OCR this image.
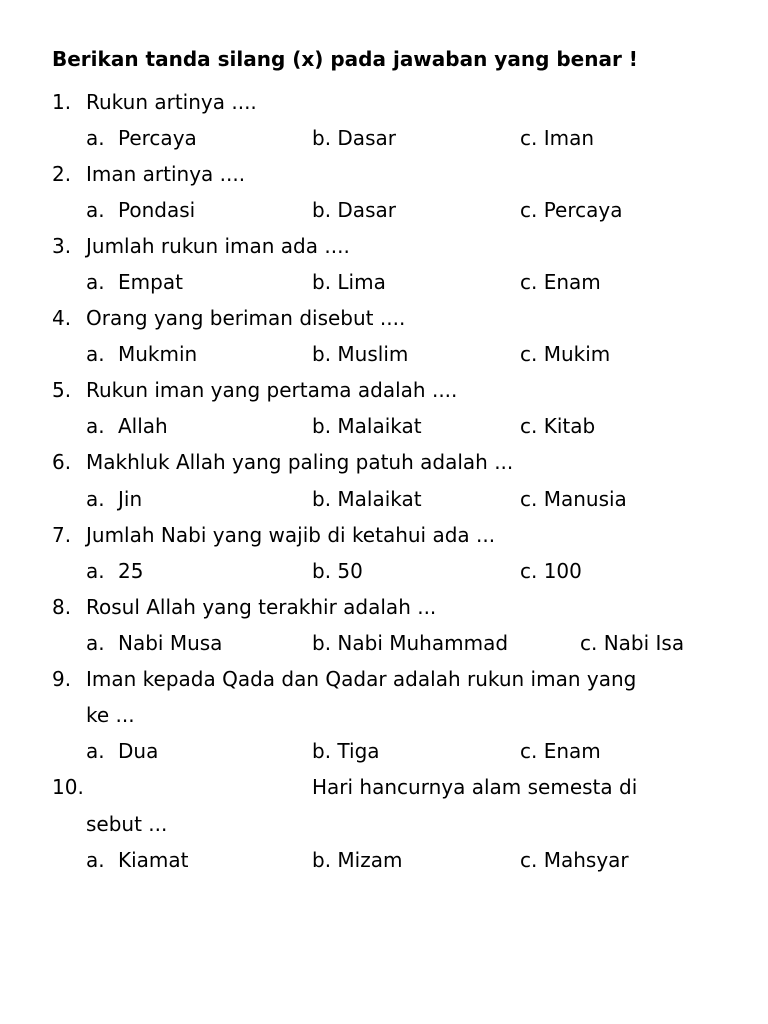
Berikan tanda silang (x) pada jawaban yang benar !
1. Rukun artinya ....
a. Percaya	b. Dasar	c. Iman
2. Iman artinya ....
a. Pondasi	b. Dasar	c. Percaya
3. Jumlah rukun iman ada ....
a. Empat	b. Lima	c. Enam
4. Orang yang beriman disebut ....
a. Mukmin	b. Muslim	c. Mukim
5. Rukun iman yang pertama adalah ....
a. Allah	b. Malaikat	c. Kitab
6. Makhluk Allah yang paling patuh adalah ...
a. Jin	b. Malaikat	c. Manusia
7. Jumlah Nabi yang wajib di ketahui ada ...
a. 25	b. 50	c. 100
8. Rosul Allah yang terakhir adalah ...
a. Nabi Musa	b. Nabi Muhammad	c. Nabi Isa
9. Iman kepada Qada dan Qadar adalah rukun iman yang
ke ...
a. Dua	b. Tiga	c. Enam
10.	Hari hancurnya alam semesta di
sebut ...
a. Kiamat	b. Mizam	c. Mahsyar
